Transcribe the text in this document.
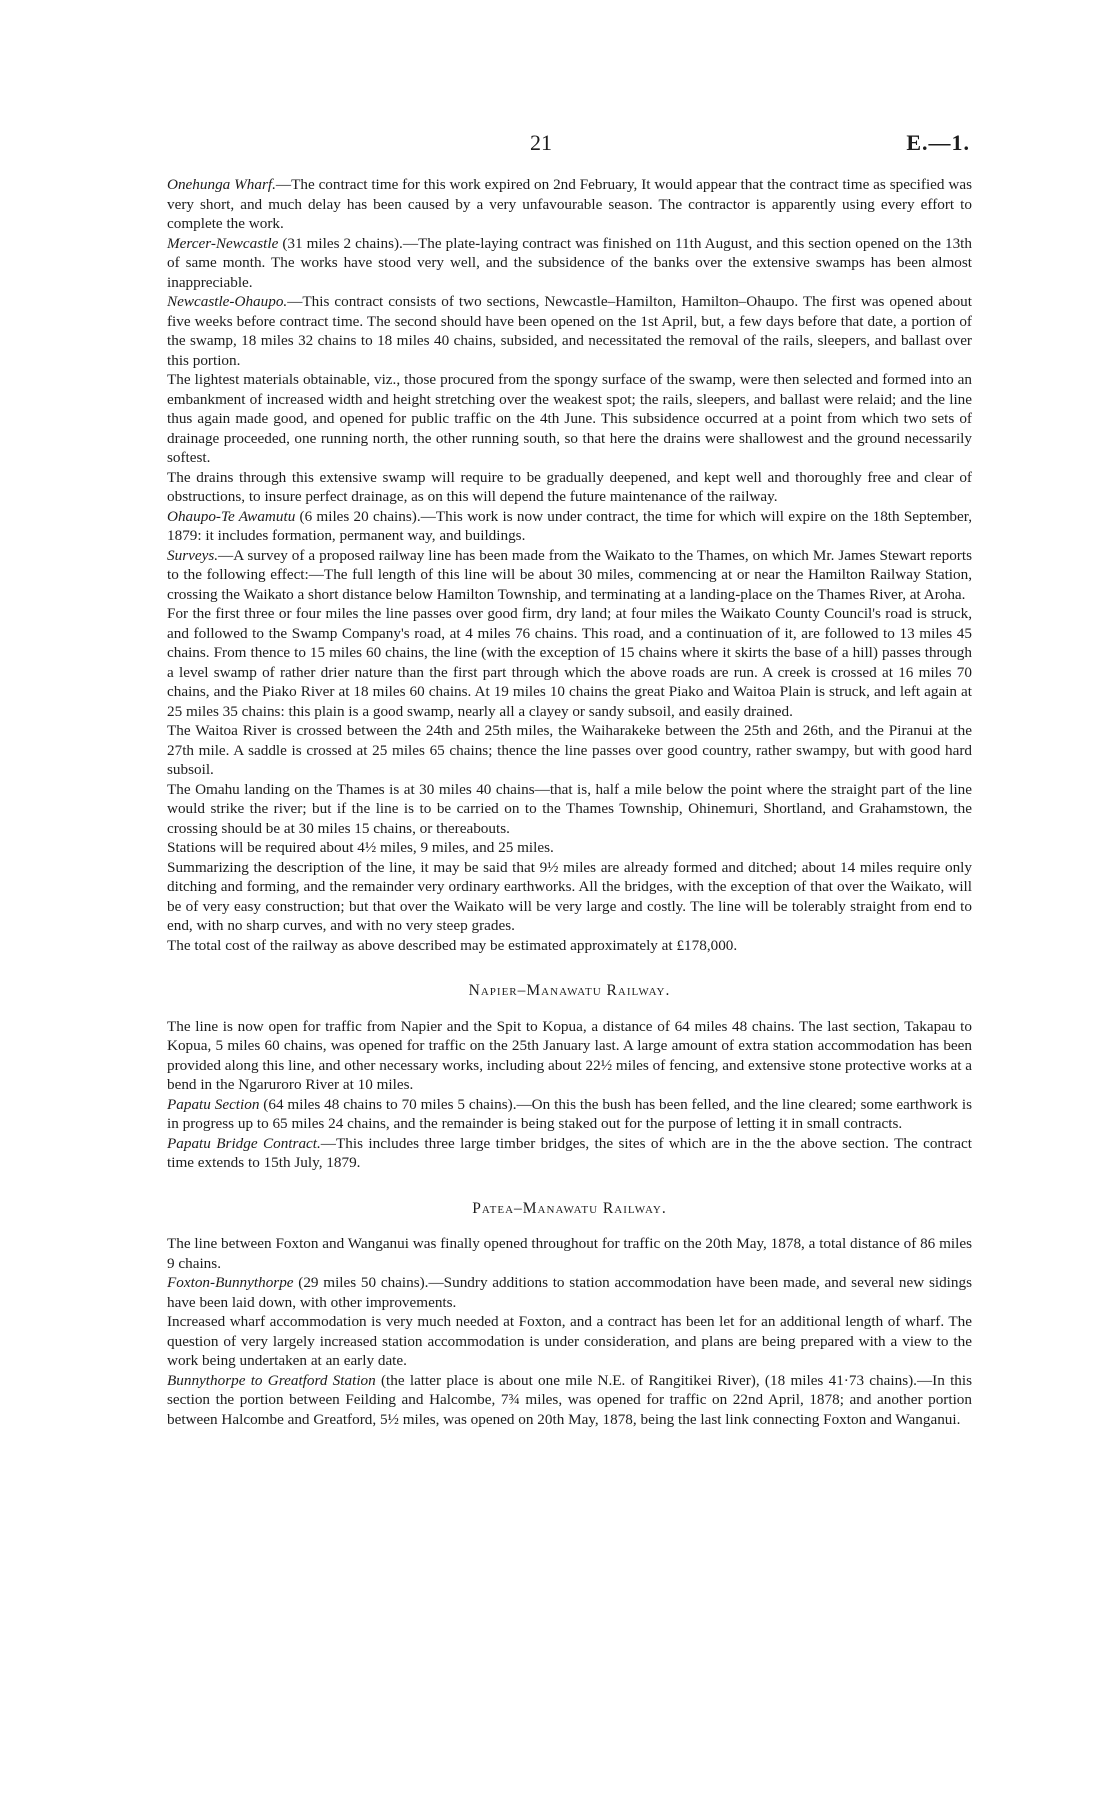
21	E.—1.

Onehunga Wharf.—The contract time for this work expired on 2nd February, It would appear that the contract time as specified was very short, and much delay has been caused by a very unfavourable season. The contractor is apparently using every effort to complete the work.

Mercer-Newcastle (31 miles 2 chains).—The plate-laying contract was finished on 11th August, and this section opened on the 13th of same month. The works have stood very well, and the subsidence of the banks over the extensive swamps has been almost inappreciable.

Newcastle-Ohaupo.—This contract consists of two sections, Newcastle–Hamilton, Hamilton–Ohaupo. The first was opened about five weeks before contract time. The second should have been opened on the 1st April, but, a few days before that date, a portion of the swamp, 18 miles 32 chains to 18 miles 40 chains, subsided, and necessitated the removal of the rails, sleepers, and ballast over this portion.

The lightest materials obtainable, viz., those procured from the spongy surface of the swamp, were then selected and formed into an embankment of increased width and height stretching over the weakest spot; the rails, sleepers, and ballast were relaid; and the line thus again made good, and opened for public traffic on the 4th June. This subsidence occurred at a point from which two sets of drainage proceeded, one running north, the other running south, so that here the drains were shallowest and the ground necessarily softest.

The drains through this extensive swamp will require to be gradually deepened, and kept well and thoroughly free and clear of obstructions, to insure perfect drainage, as on this will depend the future maintenance of the railway.

Ohaupo-Te Awamutu (6 miles 20 chains).—This work is now under contract, the time for which will expire on the 18th September, 1879: it includes formation, permanent way, and buildings.

Surveys.—A survey of a proposed railway line has been made from the Waikato to the Thames, on which Mr. James Stewart reports to the following effect:—The full length of this line will be about 30 miles, commencing at or near the Hamilton Railway Station, crossing the Waikato a short distance below Hamilton Township, and terminating at a landing-place on the Thames River, at Aroha.

For the first three or four miles the line passes over good firm, dry land; at four miles the Waikato County Council's road is struck, and followed to the Swamp Company's road, at 4 miles 76 chains. This road, and a continuation of it, are followed to 13 miles 45 chains. From thence to 15 miles 60 chains, the line (with the exception of 15 chains where it skirts the base of a hill) passes through a level swamp of rather drier nature than the first part through which the above roads are run. A creek is crossed at 16 miles 70 chains, and the Piako River at 18 miles 60 chains. At 19 miles 10 chains the great Piako and Waitoa Plain is struck, and left again at 25 miles 35 chains: this plain is a good swamp, nearly all a clayey or sandy subsoil, and easily drained.

The Waitoa River is crossed between the 24th and 25th miles, the Waiharakeke between the 25th and 26th, and the Piranui at the 27th mile. A saddle is crossed at 25 miles 65 chains; thence the line passes over good country, rather swampy, but with good hard subsoil.

The Omahu landing on the Thames is at 30 miles 40 chains—that is, half a mile below the point where the straight part of the line would strike the river; but if the line is to be carried on to the Thames Township, Ohinemuri, Shortland, and Grahamstown, the crossing should be at 30 miles 15 chains, or thereabouts.

Stations will be required about 4½ miles, 9 miles, and 25 miles.

Summarizing the description of the line, it may be said that 9½ miles are already formed and ditched; about 14 miles require only ditching and forming, and the remainder very ordinary earthworks. All the bridges, with the exception of that over the Waikato, will be of very easy construction; but that over the Waikato will be very large and costly. The line will be tolerably straight from end to end, with no sharp curves, and with no very steep grades.

The total cost of the railway as above described may be estimated approximately at £178,000.

Napier–Manawatu Railway.

The line is now open for traffic from Napier and the Spit to Kopua, a distance of 64 miles 48 chains. The last section, Takapau to Kopua, 5 miles 60 chains, was opened for traffic on the 25th January last. A large amount of extra station accommodation has been provided along this line, and other necessary works, including about 22½ miles of fencing, and extensive stone protective works at a bend in the Ngaruroro River at 10 miles.

Papatu Section (64 miles 48 chains to 70 miles 5 chains).—On this the bush has been felled, and the line cleared; some earthwork is in progress up to 65 miles 24 chains, and the remainder is being staked out for the purpose of letting it in small contracts.

Papatu Bridge Contract.—This includes three large timber bridges, the sites of which are in the the above section. The contract time extends to 15th July, 1879.

Patea–Manawatu Railway.

The line between Foxton and Wanganui was finally opened throughout for traffic on the 20th May, 1878, a total distance of 86 miles 9 chains.

Foxton-Bunnythorpe (29 miles 50 chains).—Sundry additions to station accommodation have been made, and several new sidings have been laid down, with other improvements.

Increased wharf accommodation is very much needed at Foxton, and a contract has been let for an additional length of wharf. The question of very largely increased station accommodation is under consideration, and plans are being prepared with a view to the work being undertaken at an early date.

Bunnythorpe to Greatford Station (the latter place is about one mile N.E. of Rangitikei River), (18 miles 41·73 chains).—In this section the portion between Feilding and Halcombe, 7¾ miles, was opened for traffic on 22nd April, 1878; and another portion between Halcombe and Greatford, 5½ miles, was opened on 20th May, 1878, being the last link connecting Foxton and Wanganui.
